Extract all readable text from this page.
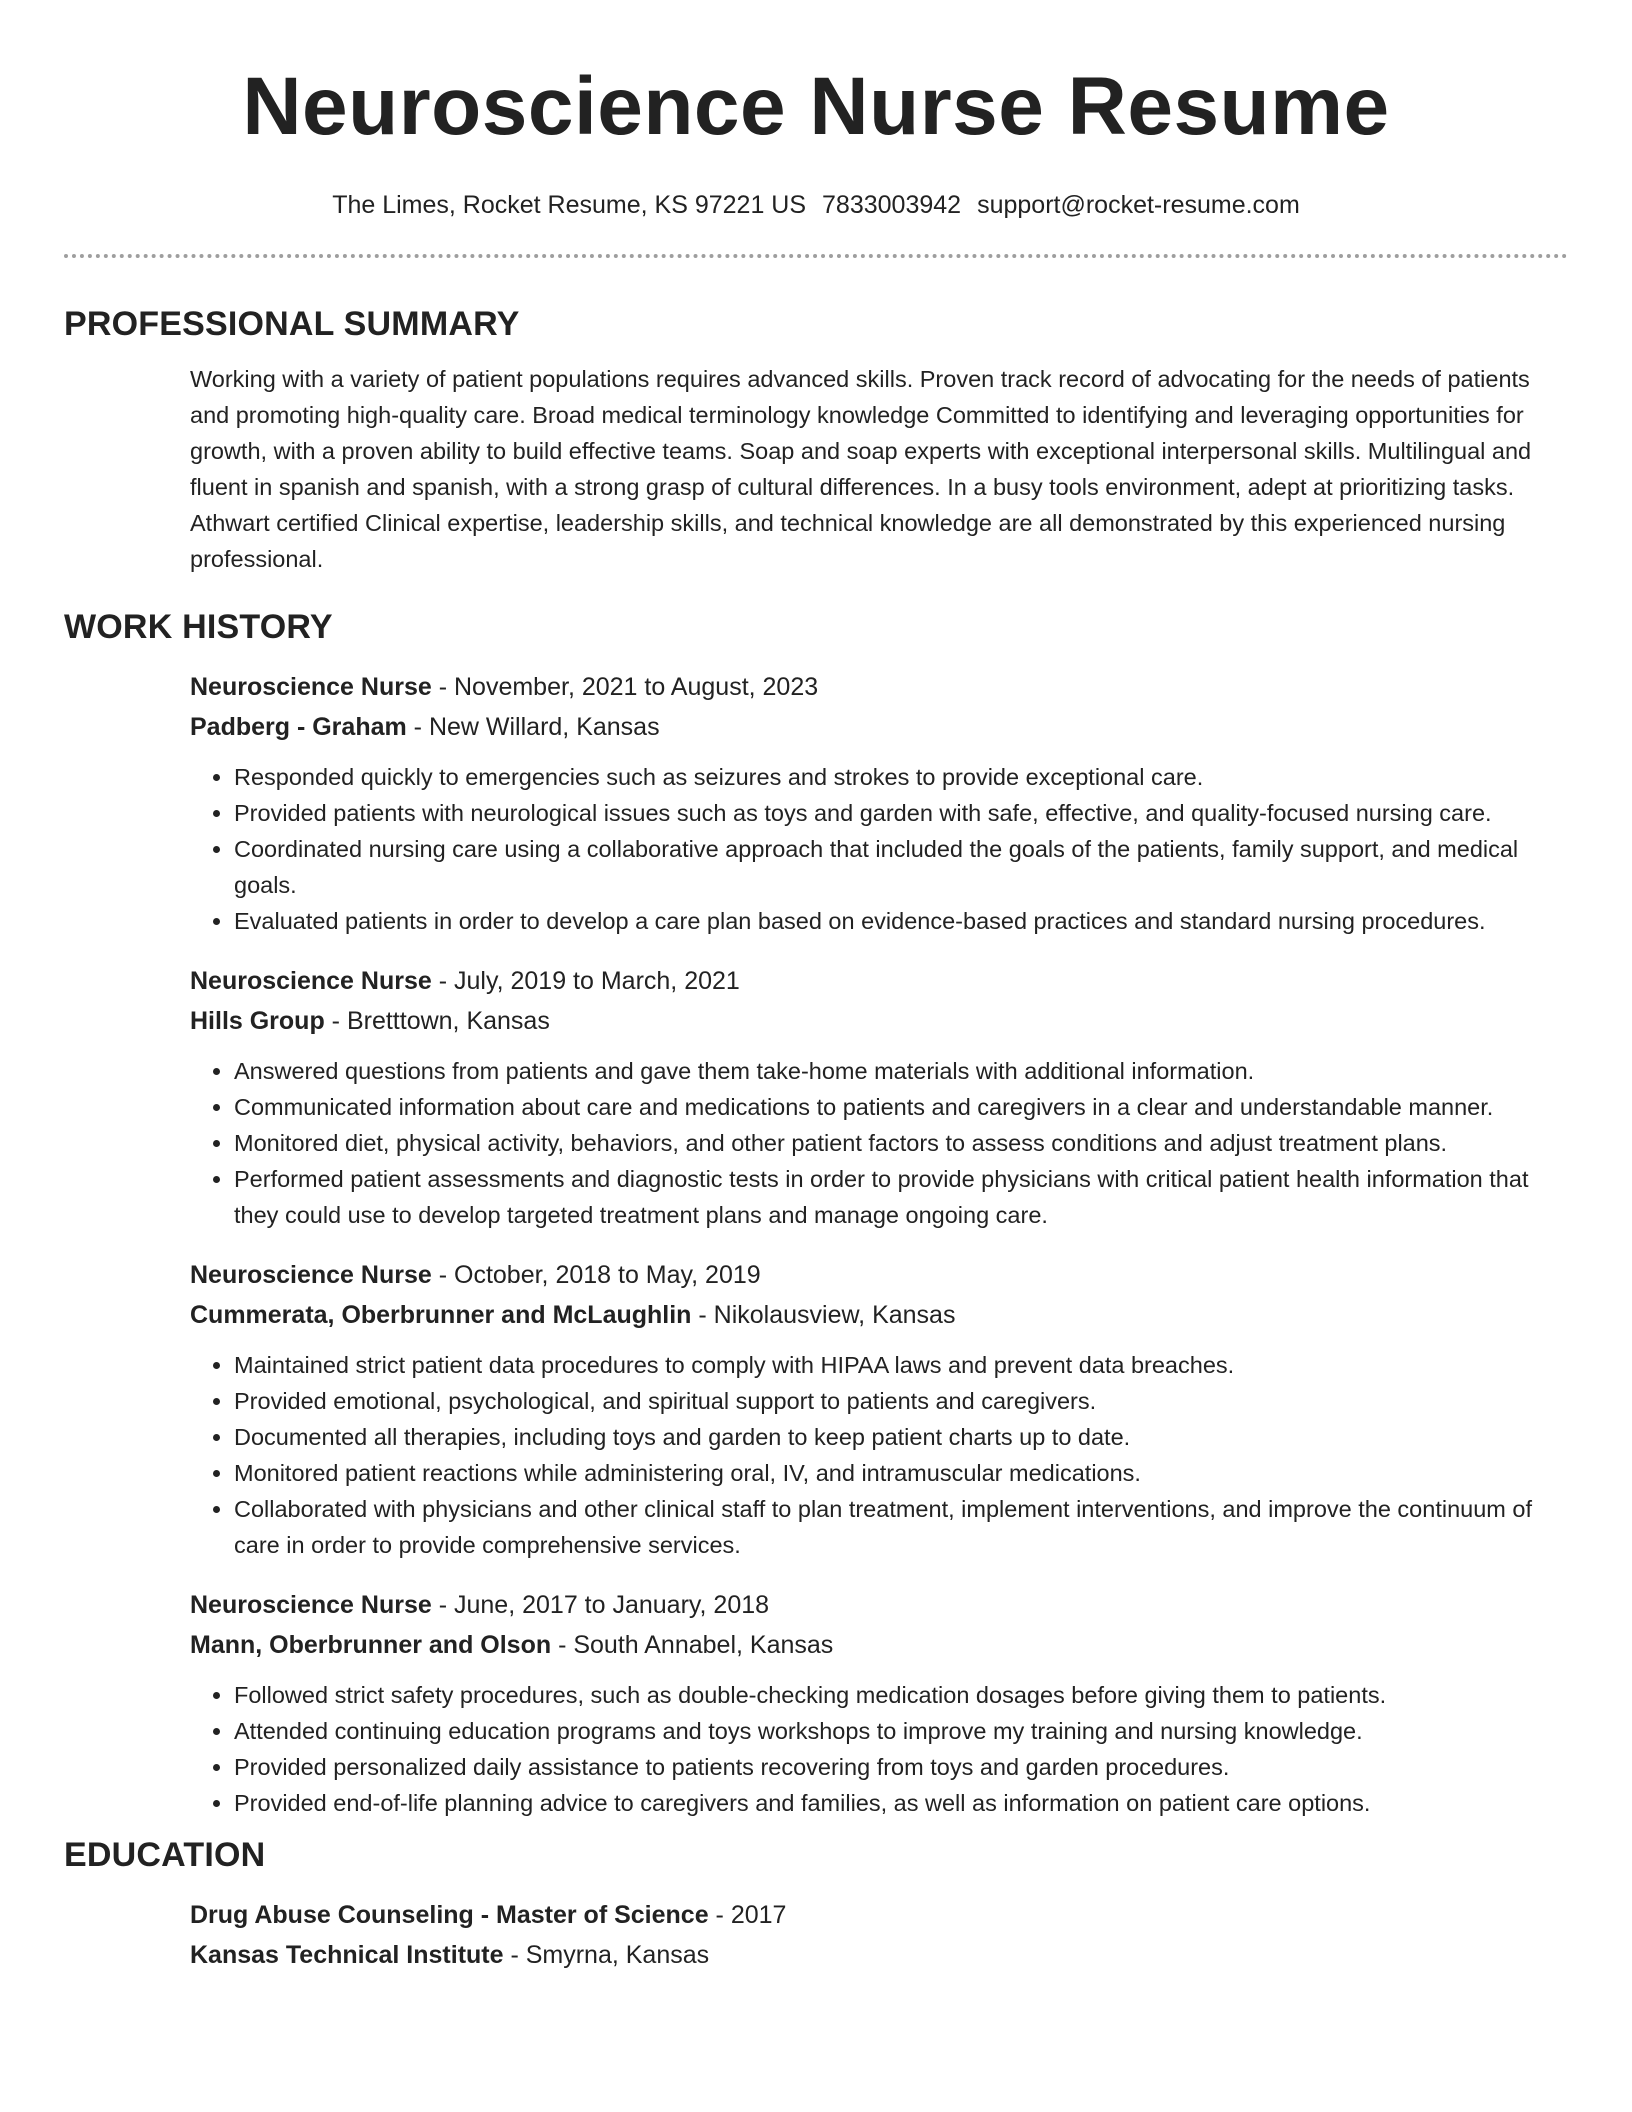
Neuroscience Nurse Resume
The Limes, Rocket Resume, KS 97221 US 7833003942 support@rocket-resume.com
PROFESSIONAL SUMMARY

Working with a variety of patient populations requires advanced skills. Proven track record of advocating for the needs of patients and promoting high-quality care. Broad medical terminology knowledge Committed to identifying and leveraging opportunities for growth, with a proven ability to build effective teams. Soap and soap experts with exceptional interpersonal skills. Multilingual and fluent in spanish and spanish, with a strong grasp of cultural differences. In a busy tools environment, adept at prioritizing tasks. Athwart certified Clinical expertise, leadership skills, and technical knowledge are all demonstrated by this experienced nursing professional.

WORK HISTORY
Neuroscience Nurse - November, 2021 to August, 2023
Padberg - Graham - New Willard, Kansas
• Responded quickly to emergencies such as seizures and strokes to provide exceptional care.
• Provided patients with neurological issues such as toys and garden with safe, effective, and quality-focused nursing care.
• Coordinated nursing care using a collaborative approach that included the goals of the patients, family support, and medical goals.
• Evaluated patients in order to develop a care plan based on evidence-based practices and standard nursing procedures.
Neuroscience Nurse - July, 2019 to March, 2021
Hills Group - Bretttown, Kansas
• Answered questions from patients and gave them take-home materials with additional information.
• Communicated information about care and medications to patients and caregivers in a clear and understandable manner.
• Monitored diet, physical activity, behaviors, and other patient factors to assess conditions and adjust treatment plans.
• Performed patient assessments and diagnostic tests in order to provide physicians with critical patient health information that they could use to develop targeted treatment plans and manage ongoing care.
Neuroscience Nurse - October, 2018 to May, 2019
Cummerata, Oberbrunner and McLaughlin - Nikolausview, Kansas
• Maintained strict patient data procedures to comply with HIPAA laws and prevent data breaches.
• Provided emotional, psychological, and spiritual support to patients and caregivers.
• Documented all therapies, including toys and garden to keep patient charts up to date.
• Monitored patient reactions while administering oral, IV, and intramuscular medications.
• Collaborated with physicians and other clinical staff to plan treatment, implement interventions, and improve the continuum of care in order to provide comprehensive services.
Neuroscience Nurse - June, 2017 to January, 2018
Mann, Oberbrunner and Olson - South Annabel, Kansas
• Followed strict safety procedures, such as double-checking medication dosages before giving them to patients.
• Attended continuing education programs and toys workshops to improve my training and nursing knowledge.
• Provided personalized daily assistance to patients recovering from toys and garden procedures.
• Provided end-of-life planning advice to caregivers and families, as well as information on patient care options.
EDUCATION
Drug Abuse Counseling - Master of Science - 2017
Kansas Technical Institute - Smyrna, Kansas
